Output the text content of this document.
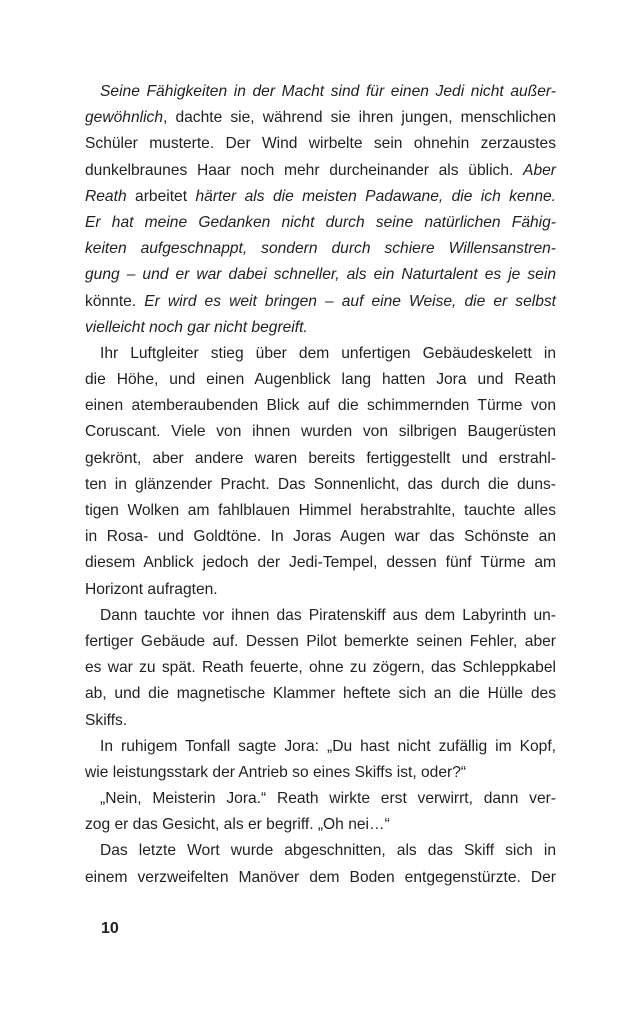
Seine Fähigkeiten in der Macht sind für einen Jedi nicht außer-
gewöhnlich, dachte sie, während sie ihren jungen, menschlichen
Schüler musterte. Der Wind wirbelte sein ohnehin zerzaustes
dunkelbraunes Haar noch mehr durcheinander als üblich. Aber
Reath arbeitet härter als die meisten Padawane, die ich kenne.
Er hat meine Gedanken nicht durch seine natürlichen Fähig-
keiten aufgeschnappt, sondern durch schiere Willensanstren-
gung – und er war dabei schneller, als ein Naturtalent es je sein
könnte. Er wird es weit bringen – auf eine Weise, die er selbst
vielleicht noch gar nicht begreift.
Ihr Luftgleiter stieg über dem unfertigen Gebäudeskelett in
die Höhe, und einen Augenblick lang hatten Jora und Reath
einen atemberaubenden Blick auf die schimmernden Türme von
Coruscant. Viele von ihnen wurden von silbrigen Baugerüsten
gekrönt, aber andere waren bereits fertiggestellt und erstrahl-
ten in glänzender Pracht. Das Sonnenlicht, das durch die duns-
tigen Wolken am fahlblauen Himmel herabstrahlte, tauchte alles
in Rosa- und Goldtöne. In Joras Augen war das Schönste an
diesem Anblick jedoch der Jedi-Tempel, dessen fünf Türme am
Horizont aufragten.
Dann tauchte vor ihnen das Piratenskiff aus dem Labyrinth un-
fertiger Gebäude auf. Dessen Pilot bemerkte seinen Fehler, aber
es war zu spät. Reath feuerte, ohne zu zögern, das Schleppkabel
ab, und die magnetische Klammer heftete sich an die Hülle des
Skiffs.
In ruhigem Tonfall sagte Jora: „Du hast nicht zufällig im Kopf,
wie leistungsstark der Antrieb so eines Skiffs ist, oder?“
„Nein, Meisterin Jora.“ Reath wirkte erst verwirrt, dann ver-
zog er das Gesicht, als er begriff. „Oh nei…“
Das letzte Wort wurde abgeschnitten, als das Skiff sich in
einem verzweifelten Manöver dem Boden entgegenstürzte. Der
10
